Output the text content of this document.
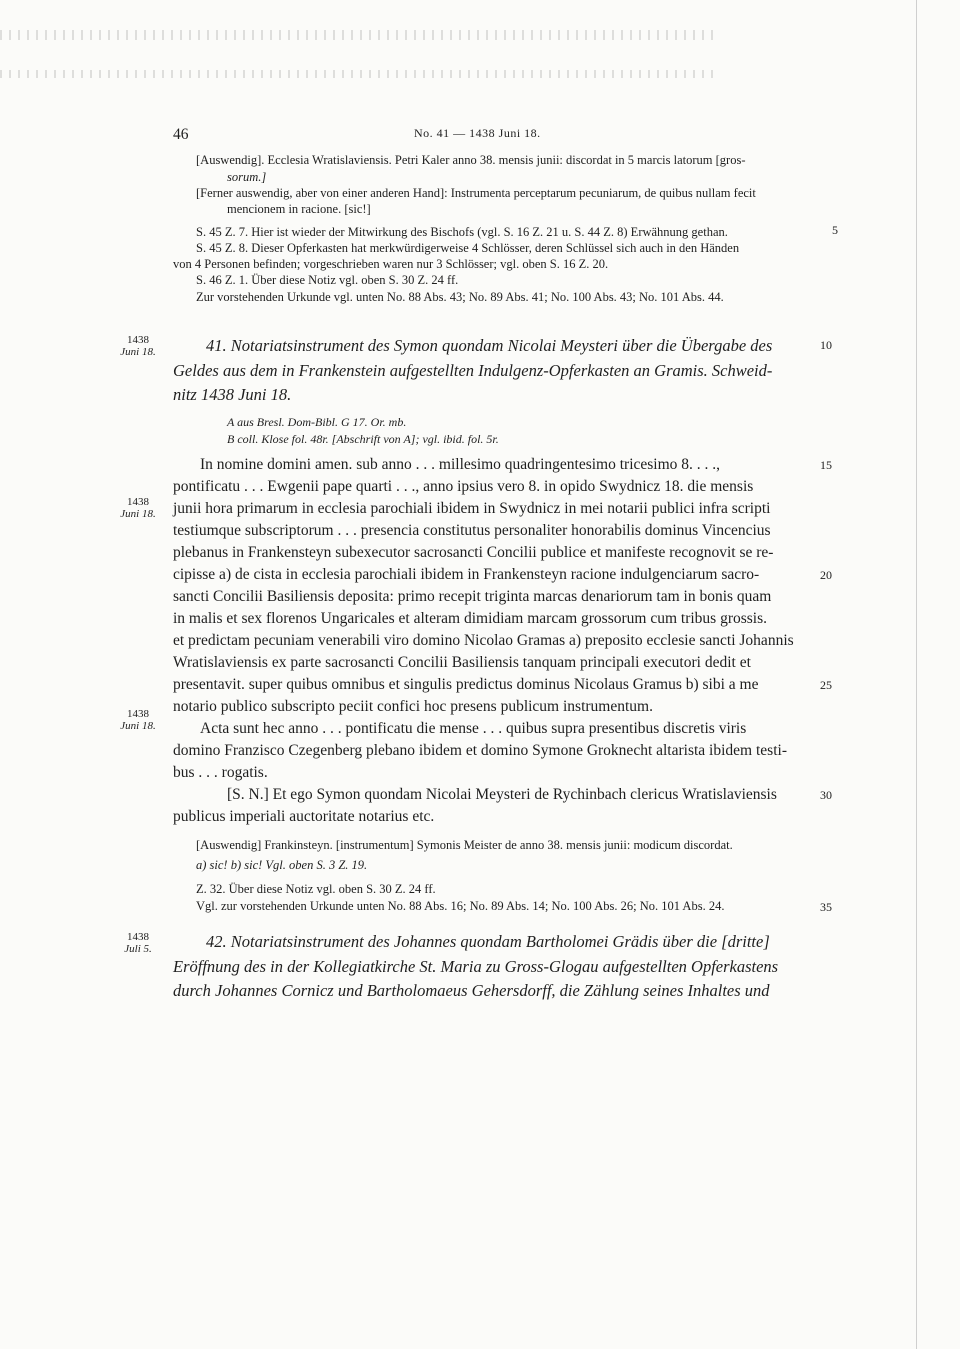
46	No. 41 — 1438 Juni 18.
[Auswendig]. Ecclesia Wratislaviensis. Petri Kaler anno 38. mensis junii: discordat in 5 marcis latorum [gros-
sorum.]
[Ferner auswendig, aber von einer anderen Hand]: Instrumenta perceptarum pecuniarum, de quibus nullam fecit
mencionem in racione. [sic!]
S. 45 Z. 7. Hier ist wieder der Mitwirkung des Bischofs (vgl. S. 16 Z. 21 u. S. 44 Z. 8) Erwähnung gethan.	5
S. 45 Z. 8. Dieser Opferkasten hat merkwürdigerweise 4 Schlösser, deren Schlüssel sich auch in den Händen
von 4 Personen befinden; vorgeschrieben waren nur 3 Schlösser; vgl. oben S. 16 Z. 20.
S. 46 Z. 1. Über diese Notiz vgl. oben S. 30 Z. 24 ff.
Zur vorstehenden Urkunde vgl. unten No. 88 Abs. 43; No. 89 Abs. 41; No. 100 Abs. 43; No. 101 Abs. 44.
1438
Juni 18.	41. Notariatsinstrument des Symon quondam Nicolai Meysteri über die Übergabe des	10
Geldes aus dem in Frankenstein aufgestellten Indulgenz-Opferkasten an Gramis. Schweid-
nitz 1438 Juni 18.
A aus Bresl. Dom-Bibl. G 17. Or. mb.
B coll. Klose fol. 48r. [Abschrift von A]; vgl. ibid. fol. 5r.
In nomine domini amen. sub anno . . . millesimo quadringentesimo tricesimo 8. . . .,	15
pontificatu . . . Ewgenii pape quarti . . ., anno ipsius vero 8. in opido Swydnicz 18. die mensis
1438
Juni 18. junii hora primarum in ecclesia parochiali ibidem in Swydnicz in mei notarii publici infra scripti
testiumque subscriptorum . . . presencia constitutus personaliter honorabilis dominus Vincencius
plebanus in Frankensteyn subexecutor sacrosancti Concilii publice et manifeste recognovit se re-
cipisse a) de cista in ecclesia parochiali ibidem in Frankensteyn racione indulgenciarum sacro-	20
sancti Concilii Basiliensis deposita: primo recepit triginta marcas denariorum tam in bonis quam
in malis et sex florenos Ungaricales et alteram dimidiam marcam grossorum cum tribus grossis.
et predictam pecuniam venerabili viro domino Nicolao Gramas a) preposito ecclesie sancti Johannis
Wratislaviensis ex parte sacrosancti Concilii Basiliensis tanquam principali executori dedit et
presentavit. super quibus omnibus et singulis predictus dominus Nicolaus Gramus b) sibi a me	25
notario publico subscripto peciit confici hoc presens publicum instrumentum.
1438
Juni 18.	Acta sunt hec anno . . . pontificatu die mense . . . quibus supra presentibus discretis viris
domino Franzisco Czegenberg plebano ibidem et domino Symone Groknecht altarista ibidem testi-
bus . . . rogatis.
[S. N.] Et ego Symon quondam Nicolai Meysteri de Rychinbach clericus Wratislaviensis	30
publicus imperiali auctoritate notarius etc.
[Auswendig] Frankinsteyn. [instrumentum] Symonis Meister de anno 38. mensis junii: modicum discordat.
a) sic! b) sic! Vgl. oben S. 3 Z. 19.
Z. 32. Über diese Notiz vgl. oben S. 30 Z. 24 ff.
Vgl. zur vorstehenden Urkunde unten No. 88 Abs. 16; No. 89 Abs. 14; No. 100 Abs. 26; No. 101 Abs. 24.	35
1438
Juli 5.	42. Notariatsinstrument des Johannes quondam Bartholomei Grädis über die [dritte]
Eröffnung des in der Kollegiatkirche St. Maria zu Gross-Glogau aufgestellten Opferkastens
durch Johannes Cornicz und Bartholomaeus Gehersdorff, die Zählung seines Inhaltes und
